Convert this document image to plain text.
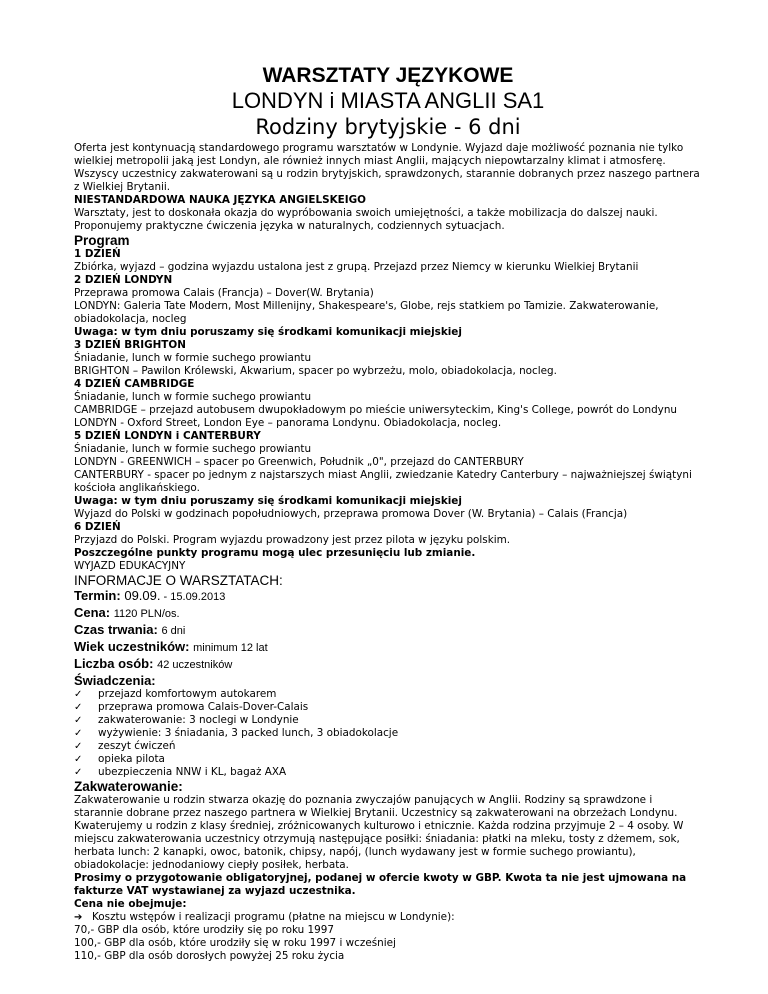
WARSZTATY JĘZYKOWE
LONDYN i MIASTA ANGLII SA1
Rodziny brytyjskie - 6 dni

Oferta jest kontynuacją standardowego programu warsztatów w Londynie. Wyjazd daje możliwość poznania nie tylko wielkiej metropolii jaką jest Londyn, ale również innych miast Anglii, mających niepowtarzalny klimat i atmosferę.

Wszyscy uczestnicy zakwaterowani są u rodzin brytyjskich, sprawdzonych, starannie dobranych przez naszego partnera z Wielkiej Brytanii.

NIESTANDARDOWA NAUKA JĘZYKA ANGIELSKEIGO

Warsztaty, jest to doskonała okazja do wypróbowania swoich umiejętności, a także mobilizacja do dalszej nauki.

Proponujemy praktyczne ćwiczenia języka w naturalnych, codziennych sytuacjach.

Program

1 DZIEŃ

Zbiórka, wyjazd – godzina wyjazdu ustalona jest z grupą. Przejazd przez Niemcy w kierunku Wielkiej Brytanii

2 DZIEŃ LONDYN

Przeprawa promowa Calais (Francja) – Dover(W. Brytania)

LONDYN: Galeria Tate Modern, Most Millenijny, Shakespeare's, Globe, rejs statkiem po Tamizie. Zakwaterowanie, obiadokolacja, nocleg

Uwaga: w tym dniu poruszamy się środkami komunikacji miejskiej

3 DZIEŃ BRIGHTON

Śniadanie, lunch w formie suchego prowiantu

BRIGHTON – Pawilon Królewski, Akwarium, spacer po wybrzeżu, molo, obiadokolacja, nocleg.

4 DZIEŃ CAMBRIDGE

Śniadanie, lunch w formie suchego prowiantu

CAMBRIDGE – przejazd autobusem dwupokładowym po mieście uniwersyteckim, King's College, powrót do Londynu

LONDYN - Oxford Street, London Eye – panorama Londynu. Obiadokolacja, nocleg.

5 DZIEŃ LONDYN i CANTERBURY

Śniadanie, lunch w formie suchego prowiantu

LONDYN - GREENWICH – spacer po Greenwich, Południk „0", przejazd do CANTERBURY

CANTERBURY - spacer po jednym z najstarszych miast Anglii, zwiedzanie Katedry Canterbury – najważniejszej świątyni kościoła anglikańskiego.

Uwaga: w tym dniu poruszamy się środkami komunikacji miejskiej

Wyjazd do Polski w godzinach popołudniowych, przeprawa promowa Dover (W. Brytania) – Calais (Francja)

6 DZIEŃ

Przyjazd do Polski. Program wyjazdu prowadzony jest przez pilota w języku polskim.

Poszczególne punkty programu mogą ulec przesunięciu lub zmianie.

WYJAZD EDUKACYJNY

INFORMACJE O WARSZTATACH:
Termin: 09.09. - 15.09.2013
Cena: 1120 PLN/os.
Czas trwania: 6 dni
Wiek uczestników: minimum 12 lat
Liczba osób: 42 uczestników
Świadczenia:
✓ przejazd komfortowym autokarem
✓ przeprawa promowa Calais-Dover-Calais
✓ zakwaterowanie: 3 noclegi w Londynie
✓ wyżywienie: 3 śniadania, 3 packed lunch, 3 obiadokolacje
✓ zeszyt ćwiczeń
✓ opieka pilota
✓ ubezpieczenia NNW i KL, bagaż AXA
Zakwaterowanie:

Zakwaterowanie u rodzin stwarza okazję do poznania zwyczajów panujących w Anglii. Rodziny są sprawdzone i starannie dobrane przez naszego partnera w Wielkiej Brytanii. Uczestnicy są zakwaterowani na obrzeżach Londynu. Kwaterujemy u rodzin z klasy średniej, zróżnicowanych kulturowo i etnicznie. Każda rodzina przyjmuje 2 – 4 osoby. W miejscu zakwaterowania uczestnicy otrzymują następujące posiłki: śniadania: płatki na mleku, tosty z dżemem, sok, herbata lunch: 2 kanapki, owoc, batonik, chipsy, napój, (lunch wydawany jest w formie suchego prowiantu), obiadokolacje: jednodaniowy ciepły posiłek, herbata.

Prosimy o przygotowanie obligatoryjnej, podanej w ofercie kwoty w GBP. Kwota ta nie jest ujmowana na fakturze VAT wystawianej za wyjazd uczestnika.

Cena nie obejmuje:

➔ Kosztu wstępów i realizacji programu (płatne na miejscu w Londynie):

70,- GBP dla osób, które urodziły się po roku 1997

100,- GBP dla osób, które urodziły się w roku 1997 i wcześniej

110,- GBP dla osób dorosłych powyżej 25 roku życia
